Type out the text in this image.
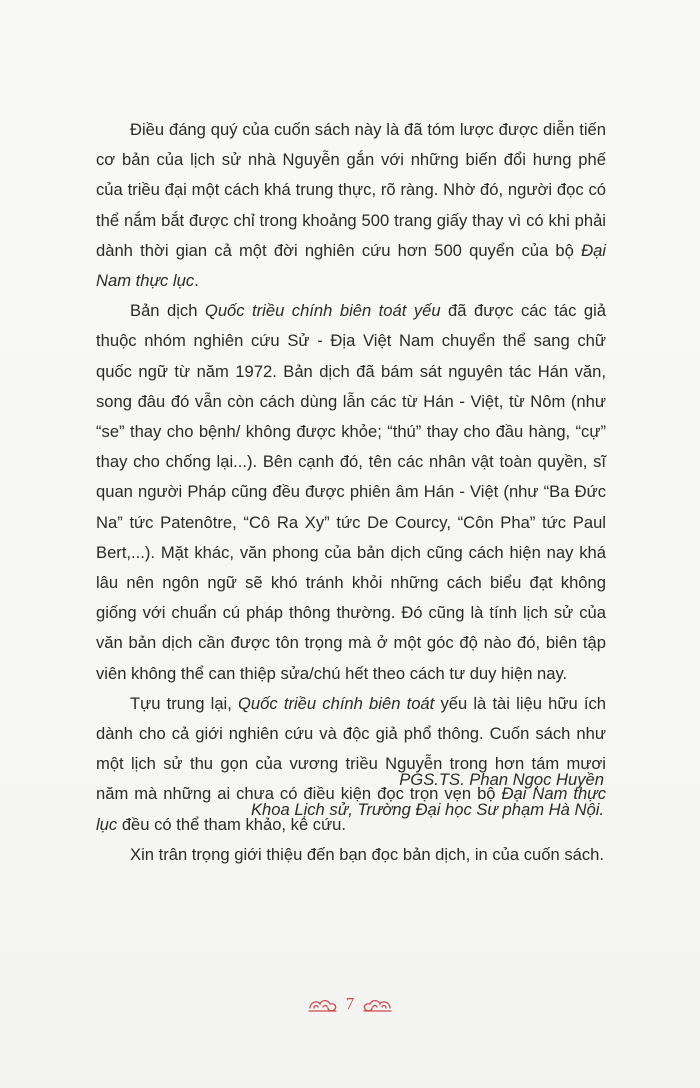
Điều đáng quý của cuốn sách này là đã tóm lược được diễn tiến cơ bản của lịch sử nhà Nguyễn gắn với những biến đổi hưng phế của triều đại một cách khá trung thực, rõ ràng. Nhờ đó, người đọc có thể nắm bắt được chỉ trong khoảng 500 trang giấy thay vì có khi phải dành thời gian cả một đời nghiên cứu hơn 500 quyển của bộ Đại Nam thực lục.

Bản dịch Quốc triều chính biên toát yếu đã được các tác giả thuộc nhóm nghiên cứu Sử - Địa Việt Nam chuyển thể sang chữ quốc ngữ từ năm 1972. Bản dịch đã bám sát nguyên tác Hán văn, song đâu đó vẫn còn cách dùng lẫn các từ Hán - Việt, từ Nôm (như “se” thay cho bệnh/ không được khỏe; “thú” thay cho đầu hàng, “cự” thay cho chống lại...). Bên cạnh đó, tên các nhân vật toàn quyền, sĩ quan người Pháp cũng đều được phiên âm Hán - Việt (như “Ba Đức Na” tức Patenôtre, “Cô Ra Xy” tức De Courcy, “Côn Pha” tức Paul Bert,...). Mặt khác, văn phong của bản dịch cũng cách hiện nay khá lâu nên ngôn ngữ sẽ khó tránh khỏi những cách biểu đạt không giống với chuẩn cú pháp thông thường. Đó cũng là tính lịch sử của văn bản dịch cần được tôn trọng mà ở một góc độ nào đó, biên tập viên không thể can thiệp sửa/chú hết theo cách tư duy hiện nay.

Tựu trung lại, Quốc triều chính biên toát yếu là tài liệu hữu ích dành cho cả giới nghiên cứu và độc giả phổ thông. Cuốn sách như một lịch sử thu gọn của vương triều Nguyễn trong hơn tám mươi năm mà những ai chưa có điều kiện đọc trọn vẹn bộ Đại Nam thực lục đều có thể tham khảo, kê cứu.

Xin trân trọng giới thiệu đến bạn đọc bản dịch, in của cuốn sách.

PGS.TS. Phan Ngọc Huyền
Khoa Lịch sử, Trường Đại học Sư phạm Hà Nội.
7
